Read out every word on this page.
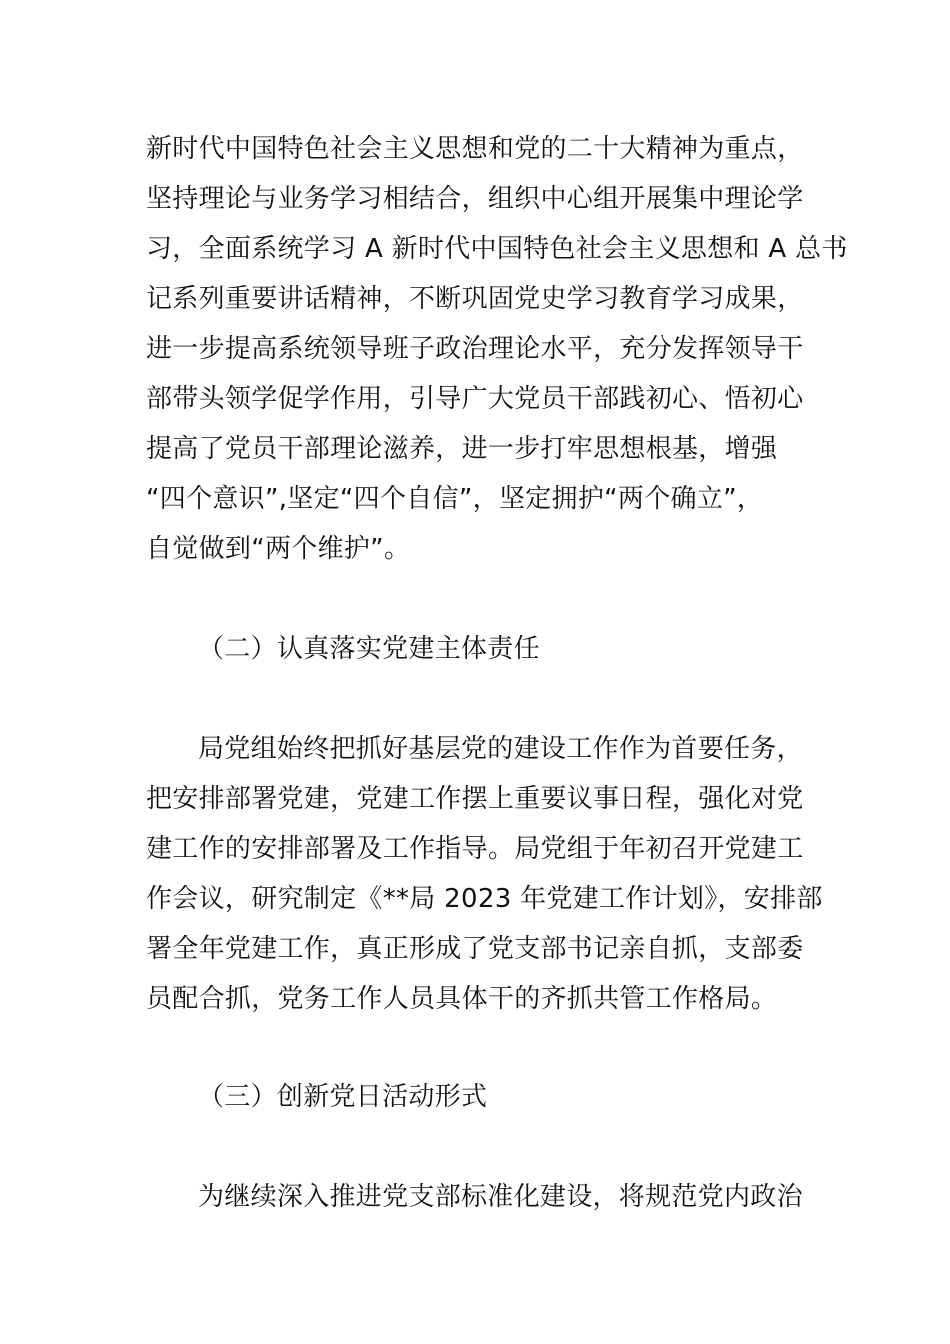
新时代中国特色社会主义思想和党的二十大精神为重点，
坚持理论与业务学习相结合，组织中心组开展集中理论学
习，全面系统学习 A 新时代中国特色社会主义思想和 A 总书
记系列重要讲话精神，不断巩固党史学习教育学习成果，
进一步提高系统领导班子政治理论水平，充分发挥领导干
部带头领学促学作用，引导广大党员干部践初心、悟初心
提高了党员干部理论滋养，进一步打牢思想根基，增强
“四个意识”,坚定“四个自信”，坚定拥护“两个确立”，
自觉做到“两个维护”。
（二）认真落实党建主体责任
局党组始终把抓好基层党的建设工作作为首要任务，
把安排部署党建，党建工作摆上重要议事日程，强化对党
建工作的安排部署及工作指导。局党组于年初召开党建工
作会议，研究制定《**局 2023 年党建工作计划》，安排部
署全年党建工作，真正形成了党支部书记亲自抓，支部委
员配合抓，党务工作人员具体干的齐抓共管工作格局。
（三）创新党日活动形式
为继续深入推进党支部标准化建设，将规范党内政治
